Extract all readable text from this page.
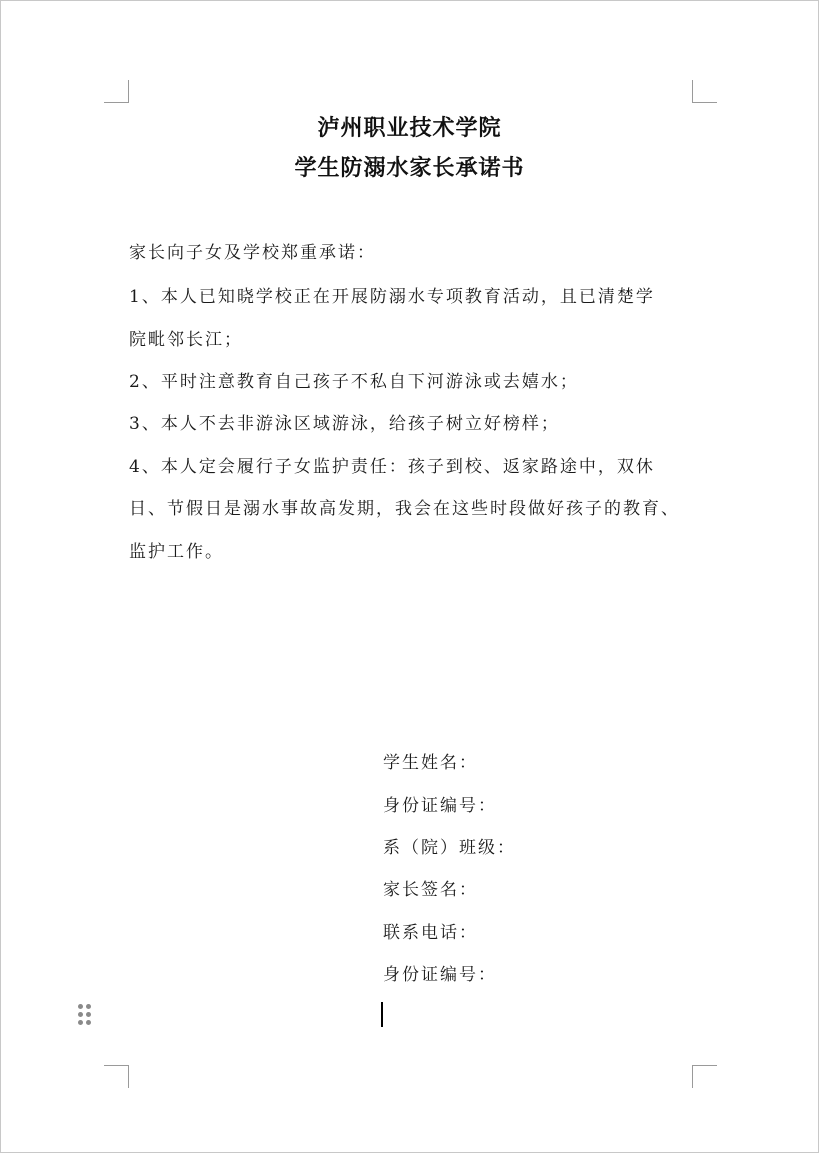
泸州职业技术学院
学生防溺水家长承诺书
家长向子女及学校郑重承诺：
1、本人已知晓学校正在开展防溺水专项教育活动，且已清楚学
院毗邻长江；
2、平时注意教育自己孩子不私自下河游泳或去嬉水；
3、本人不去非游泳区域游泳，给孩子树立好榜样；
4、本人定会履行子女监护责任：孩子到校、返家路途中，双休
日、节假日是溺水事故高发期，我会在这些时段做好孩子的教育、
监护工作。
学生姓名：
身份证编号：
系（院）班级：
家长签名：
联系电话：
身份证编号：
